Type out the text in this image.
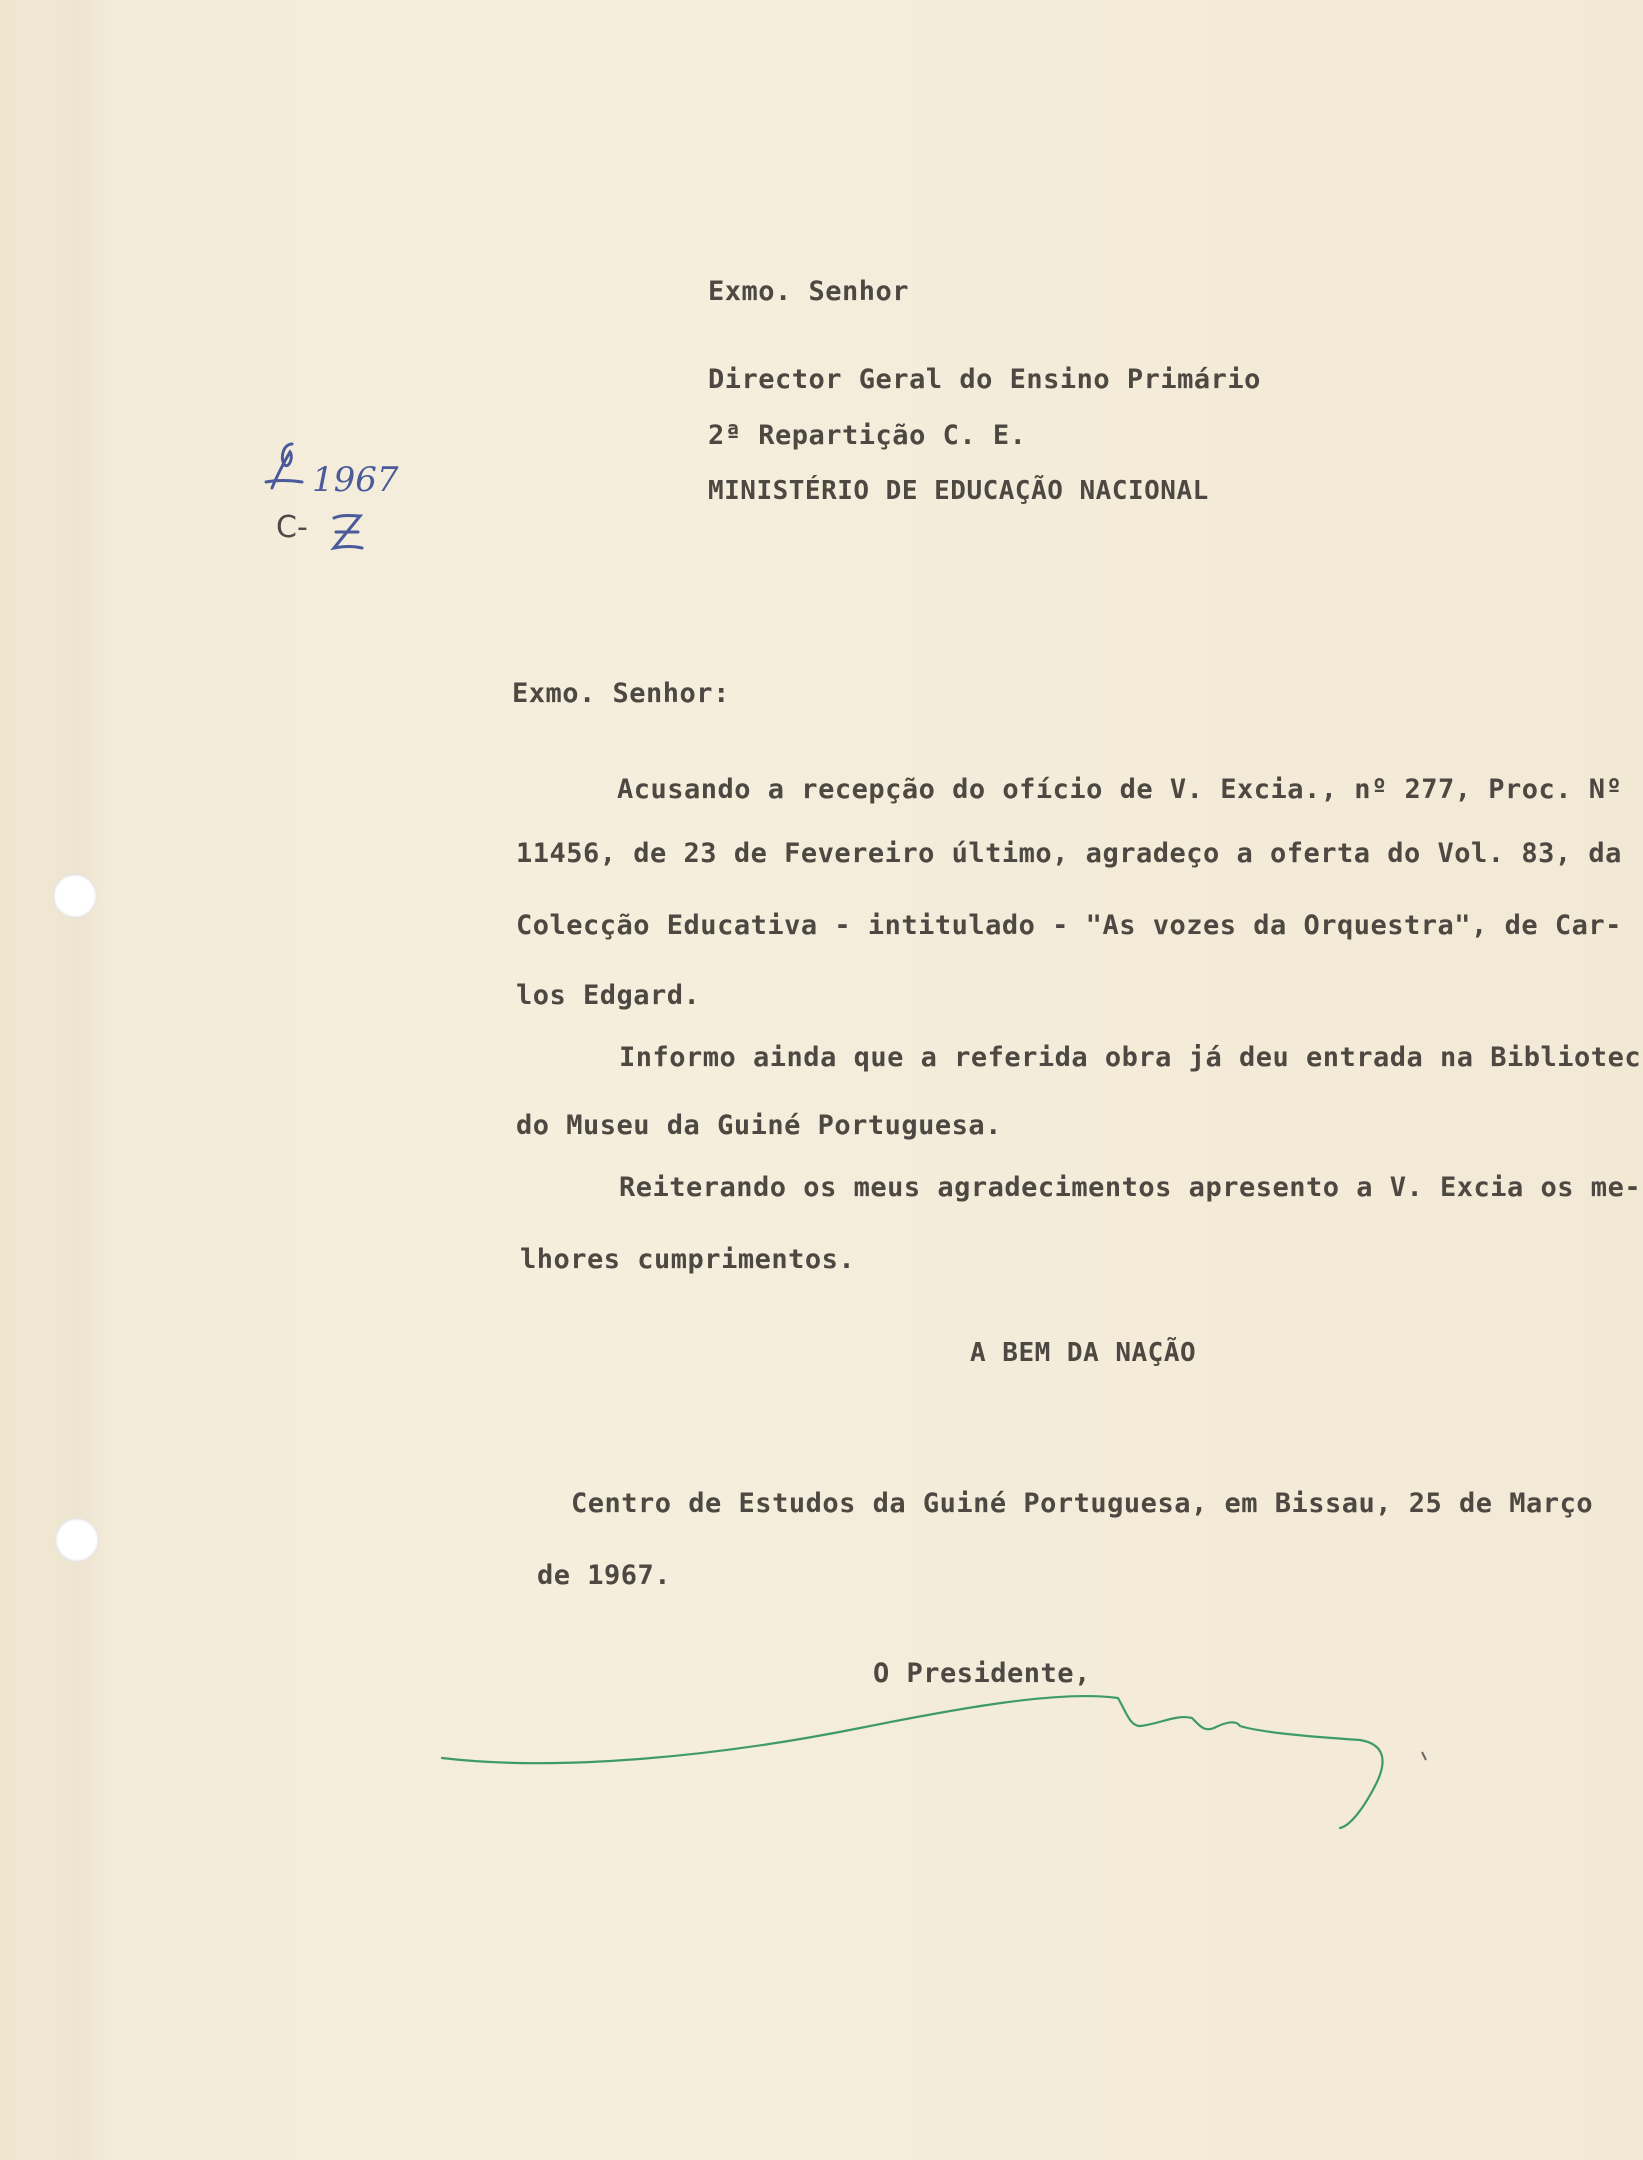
1967
C-

Exmo. Senhor

Director Geral do Ensino Primário

2ª Repartição C. E.

MINISTÉRIO DE EDUCAÇÃO NACIONAL

Exmo. Senhor:

Acusando a recepção do ofício de V. Excia., nº 277, Proc. Nº

11456, de 23 de Fevereiro último, agradeço a oferta do Vol. 83, da

Colecção Educativa - intitulado - "As vozes da Orquestra", de Car-

los Edgard.

Informo ainda que a referida obra já deu entrada na Bibliotec

do Museu da Guiné Portuguesa.

Reiterando os meus agradecimentos apresento a V. Excia os me-

lhores cumprimentos.

A BEM DA NAÇÃO

Centro de Estudos da Guiné Portuguesa, em Bissau, 25 de Março

de 1967.

O Presidente,
